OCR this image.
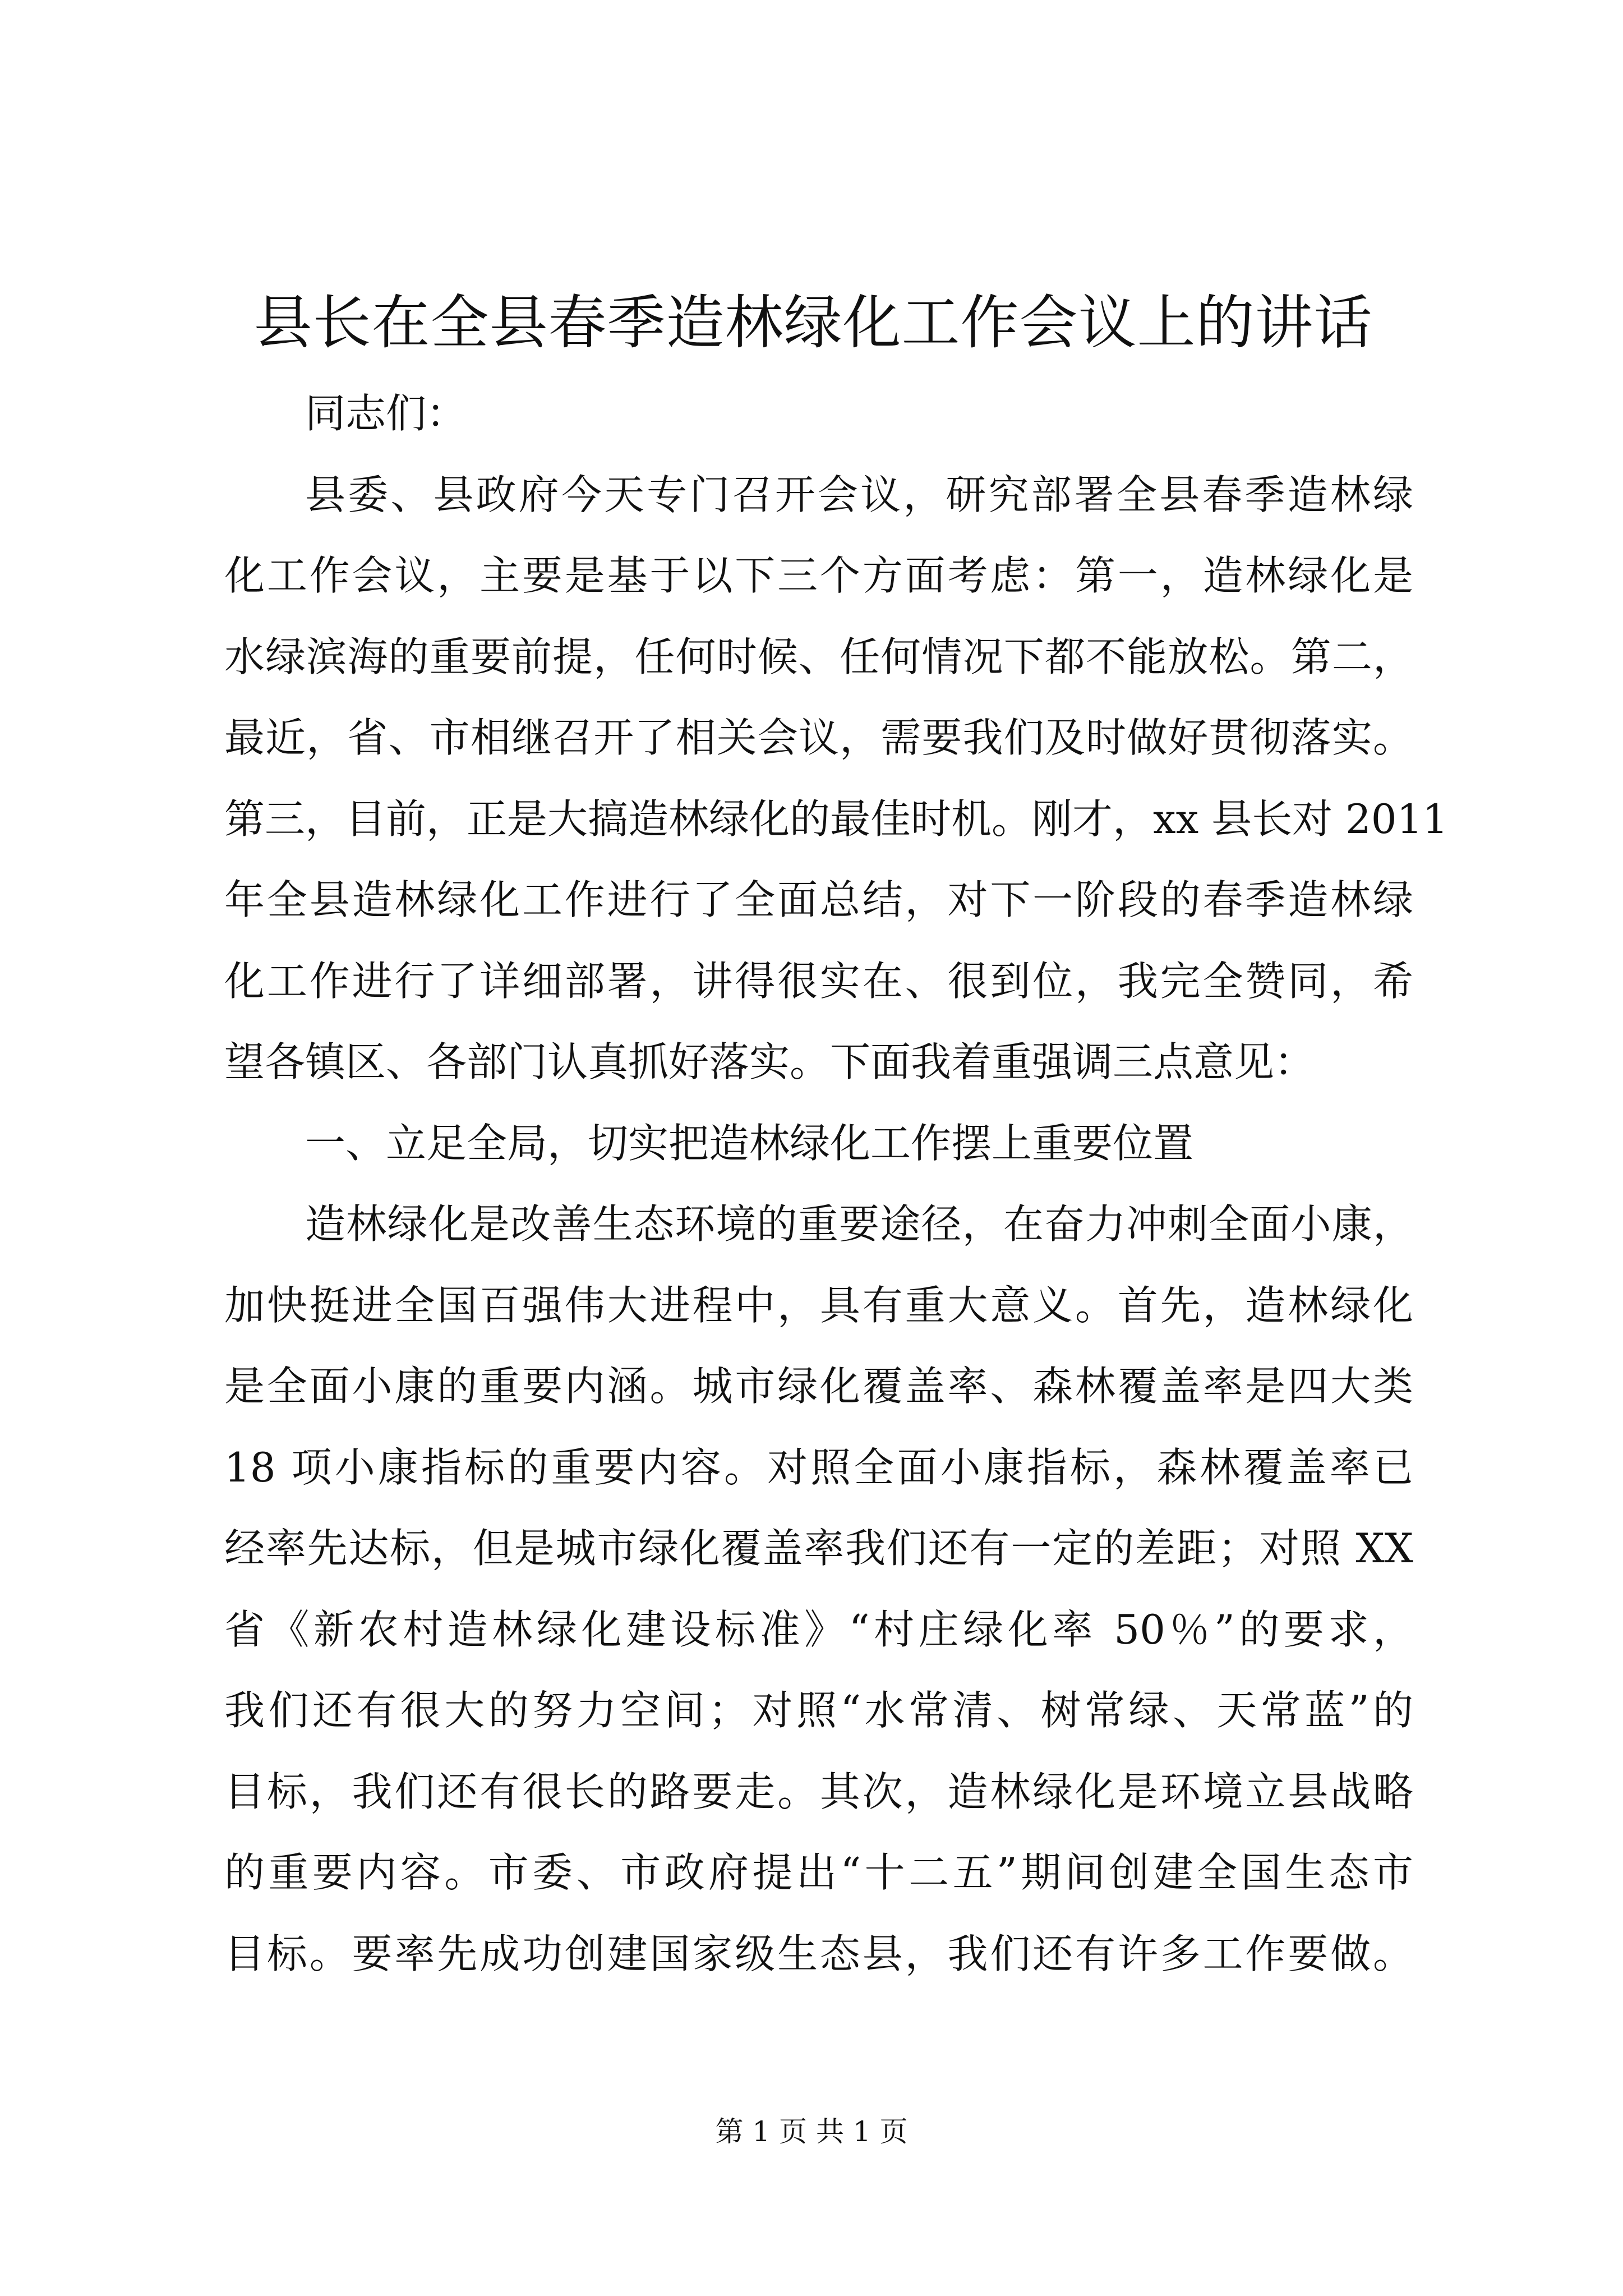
县长在全县春季造林绿化工作会议上的讲话
同志们：
县委、县政府今天专门召开会议，研究部署全县春季造林绿
化工作会议，主要是基于以下三个方面考虑：第一，造林绿化是
水绿滨海的重要前提，任何时候、任何情况下都不能放松。第二，
最近，省、市相继召开了相关会议，需要我们及时做好贯彻落实。
第三，目前，正是大搞造林绿化的最佳时机。刚才，xx 县长对 2011
年全县造林绿化工作进行了全面总结，对下一阶段的春季造林绿
化工作进行了详细部署，讲得很实在、很到位，我完全赞同，希
望各镇区、各部门认真抓好落实。下面我着重强调三点意见：
一、立足全局，切实把造林绿化工作摆上重要位置
造林绿化是改善生态环境的重要途径，在奋力冲刺全面小康，
加快挺进全国百强伟大进程中，具有重大意义。首先，造林绿化
是全面小康的重要内涵。城市绿化覆盖率、森林覆盖率是四大类
18 项小康指标的重要内容。对照全面小康指标，森林覆盖率已
经率先达标，但是城市绿化覆盖率我们还有一定的差距；对照 XX
省《新农村造林绿化建设标准》“村庄绿化率 50％”的要求，
我们还有很大的努力空间；对照“水常清、树常绿、天常蓝”的
目标，我们还有很长的路要走。其次，造林绿化是环境立县战略
的重要内容。市委、市政府提出“十二五”期间创建全国生态市
目标。要率先成功创建国家级生态县，我们还有许多工作要做。
第 1 页 共 1 页
